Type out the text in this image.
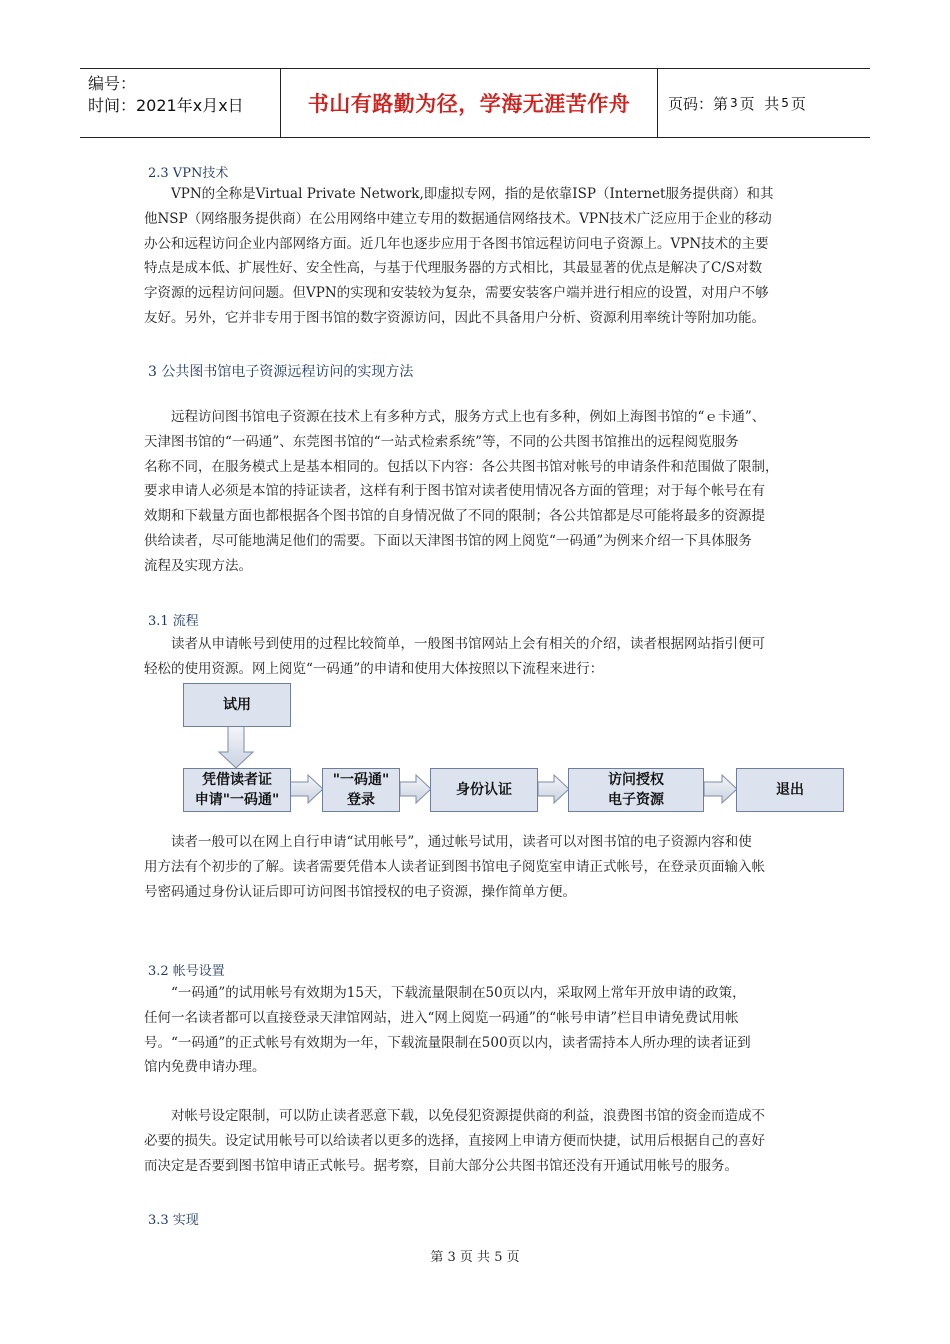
编号：
时间：2021年x月x日	书山有路勤为径，学海无涯苦作舟	页码：第 3 页  共 5 页
2.3 VPN技术
VPN的全称是Virtual Private Network,即虚拟专网，指的是依靠ISP（Internet服务提供商）和其
他NSP（网络服务提供商）在公用网络中建立专用的数据通信网络技术。VPN技术广泛应用于企业的移动
办公和远程访问企业内部网络方面。近几年也逐步应用于各图书馆远程访问电子资源上。VPN技术的主要
特点是成本低、扩展性好、安全性高，与基于代理服务器的方式相比，其最显著的优点是解决了C/S对数
字资源的远程访问问题。但VPN的实现和安装较为复杂，需要安装客户端并进行相应的设置，对用户不够
友好。另外，它并非专用于图书馆的数字资源访问，因此不具备用户分析、资源利用率统计等附加功能。
3 公共图书馆电子资源远程访问的实现方法
远程访问图书馆电子资源在技术上有多种方式，服务方式上也有多种，例如上海图书馆的“ｅ卡通”、
天津图书馆的“一码通”、东莞图书馆的“一站式检索系统”等，不同的公共图书馆推出的远程阅览服务
名称不同，在服务模式上是基本相同的。包括以下内容：各公共图书馆对帐号的申请条件和范围做了限制，
要求申请人必须是本馆的持证读者，这样有利于图书馆对读者使用情况各方面的管理；对于每个帐号在有
效期和下载量方面也都根据各个图书馆的自身情况做了不同的限制；各公共馆都是尽可能将最多的资源提
供给读者，尽可能地满足他们的需要。下面以天津图书馆的网上阅览“一码通”为例来介绍一下具体服务
流程及实现方法。
3.1 流程
读者从申请帐号到使用的过程比较简单，一般图书馆网站上会有相关的介绍，读者根据网站指引便可
轻松的使用资源。网上阅览“一码通”的申请和使用大体按照以下流程来进行：
试用
凭借读者证
申请"一码通"
"一码通"
登录
身份认证
访问授权
电子资源
退出
读者一般可以在网上自行申请“试用帐号”，通过帐号试用，读者可以对图书馆的电子资源内容和使
用方法有个初步的了解。读者需要凭借本人读者证到图书馆电子阅览室申请正式帐号，在登录页面输入帐
号密码通过身份认证后即可访问图书馆授权的电子资源，操作简单方便。
3.2 帐号设置
“一码通”的试用帐号有效期为15天，下载流量限制在50页以内，采取网上常年开放申请的政策，
任何一名读者都可以直接登录天津馆网站，进入“网上阅览一码通”的“帐号申请”栏目申请免费试用帐
号。“一码通”的正式帐号有效期为一年，下载流量限制在500页以内，读者需持本人所办理的读者证到
馆内免费申请办理。
对帐号设定限制，可以防止读者恶意下载，以免侵犯资源提供商的利益，浪费图书馆的资金而造成不
必要的损失。设定试用帐号可以给读者以更多的选择，直接网上申请方便而快捷，试用后根据自己的喜好
而决定是否要到图书馆申请正式帐号。据考察，目前大部分公共图书馆还没有开通试用帐号的服务。
3.3 实现
第 3 页 共 5 页
